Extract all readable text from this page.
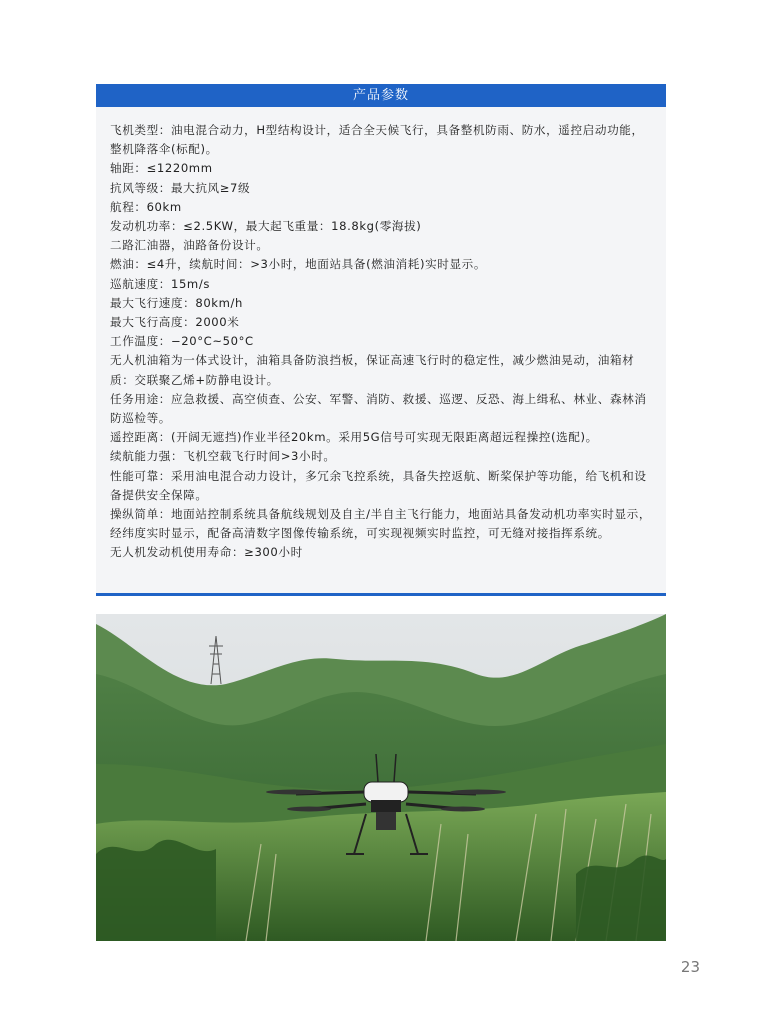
产品参数
飞机类型：油电混合动力，H型结构设计，适合全天候飞行，具备整机防雨、防水，遥控启动功能，整机降落伞(标配)。
轴距：≤1220mm
抗风等级：最大抗风≥7级
航程：60km
发动机功率：≤2.5KW，最大起飞重量：18.8kg(零海拔)
二路汇油器，油路备份设计。
燃油：≤4升，续航时间：>3小时，地面站具备(燃油消耗)实时显示。
巡航速度：15m/s
最大飞行速度：80km/h
最大飞行高度：2000米
工作温度：−20°C~50°C
无人机油箱为一体式设计，油箱具备防浪挡板，保证高速飞行时的稳定性，减少燃油晃动，油箱材质：交联聚乙烯+防静电设计。
任务用途：应急救援、高空侦查、公安、军警、消防、救援、巡逻、反恐、海上缉私、林业、森林消防巡检等。
遥控距离：(开阔无遮挡)作业半径20km。采用5G信号可实现无限距离超远程操控(选配)。
续航能力强：飞机空载飞行时间>3小时。
性能可靠：采用油电混合动力设计，多冗余飞控系统，具备失控返航、断桨保护等功能，给飞机和设备提供安全保障。
操纵简单：地面站控制系统具备航线规划及自主/半自主飞行能力，地面站具备发动机功率实时显示，经纬度实时显示，配备高清数字图像传输系统，可实现视频实时监控，可无缝对接指挥系统。
无人机发动机使用寿命：≥300小时
23
